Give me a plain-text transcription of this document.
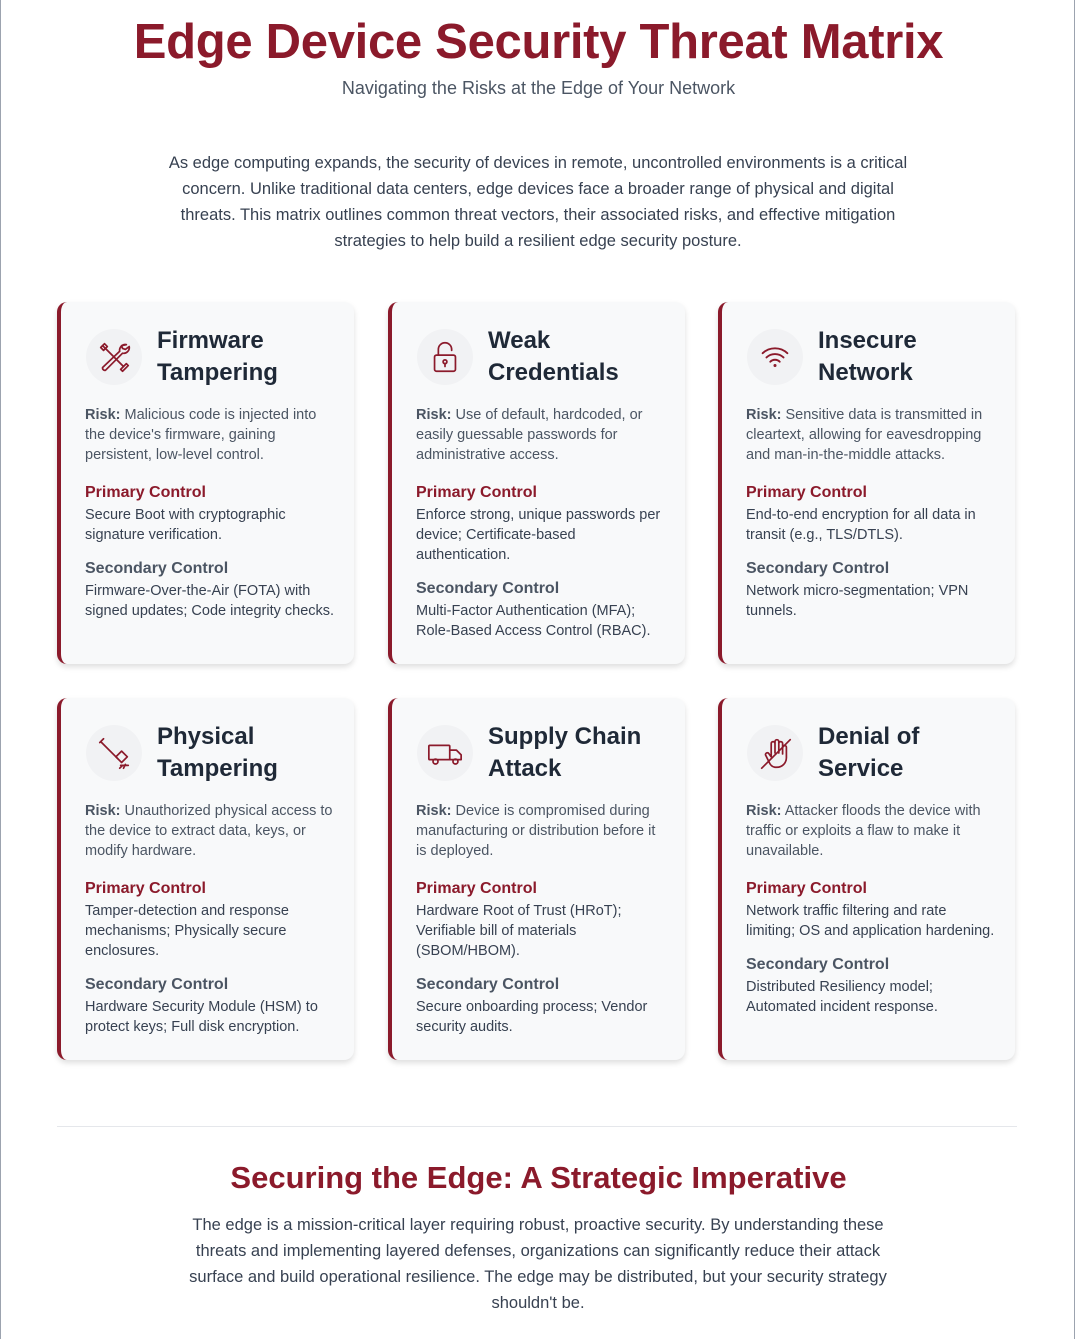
Edge Device Security Threat Matrix
Navigating the Risks at the Edge of Your Network

As edge computing expands, the security of devices in remote, uncontrolled environments is a critical concern. Unlike traditional data centers, edge devices face a broader range of physical and digital threats. This matrix outlines common threat vectors, their associated risks, and effective mitigation strategies to help build a resilient edge security posture.

Firmware Tampering

Risk: Malicious code is injected into the device's firmware, gaining persistent, low-level control.

Primary Control

Secure Boot with cryptographic signature verification.

Secondary Control

Firmware-Over-the-Air (FOTA) with signed updates; Code integrity checks.

Weak Credentials

Risk: Use of default, hardcoded, or easily guessable passwords for administrative access.

Primary Control

Enforce strong, unique passwords per device; Certificate-based authentication.

Secondary Control

Multi-Factor Authentication (MFA); Role-Based Access Control (RBAC).

Insecure Network

Risk: Sensitive data is transmitted in cleartext, allowing for eavesdropping and man-in-the-middle attacks.

Primary Control

End-to-end encryption for all data in transit (e.g., TLS/DTLS).

Secondary Control

Network micro-segmentation; VPN tunnels.

Physical Tampering

Risk: Unauthorized physical access to the device to extract data, keys, or modify hardware.

Primary Control

Tamper-detection and response mechanisms; Physically secure enclosures.

Secondary Control

Hardware Security Module (HSM) to protect keys; Full disk encryption.

Supply Chain Attack

Risk: Device is compromised during manufacturing or distribution before it is deployed.

Primary Control

Hardware Root of Trust (HRoT); Verifiable bill of materials (SBOM/HBOM).

Secondary Control

Secure onboarding process; Vendor security audits.

Denial of Service

Risk: Attacker floods the device with traffic or exploits a flaw to make it unavailable.

Primary Control

Network traffic filtering and rate limiting; OS and application hardening.

Secondary Control

Distributed Resiliency model; Automated incident response.

Securing the Edge: A Strategic Imperative

The edge is a mission-critical layer requiring robust, proactive security. By understanding these threats and implementing layered defenses, organizations can significantly reduce their attack surface and build operational resilience. The edge may be distributed, but your security strategy shouldn't be.
